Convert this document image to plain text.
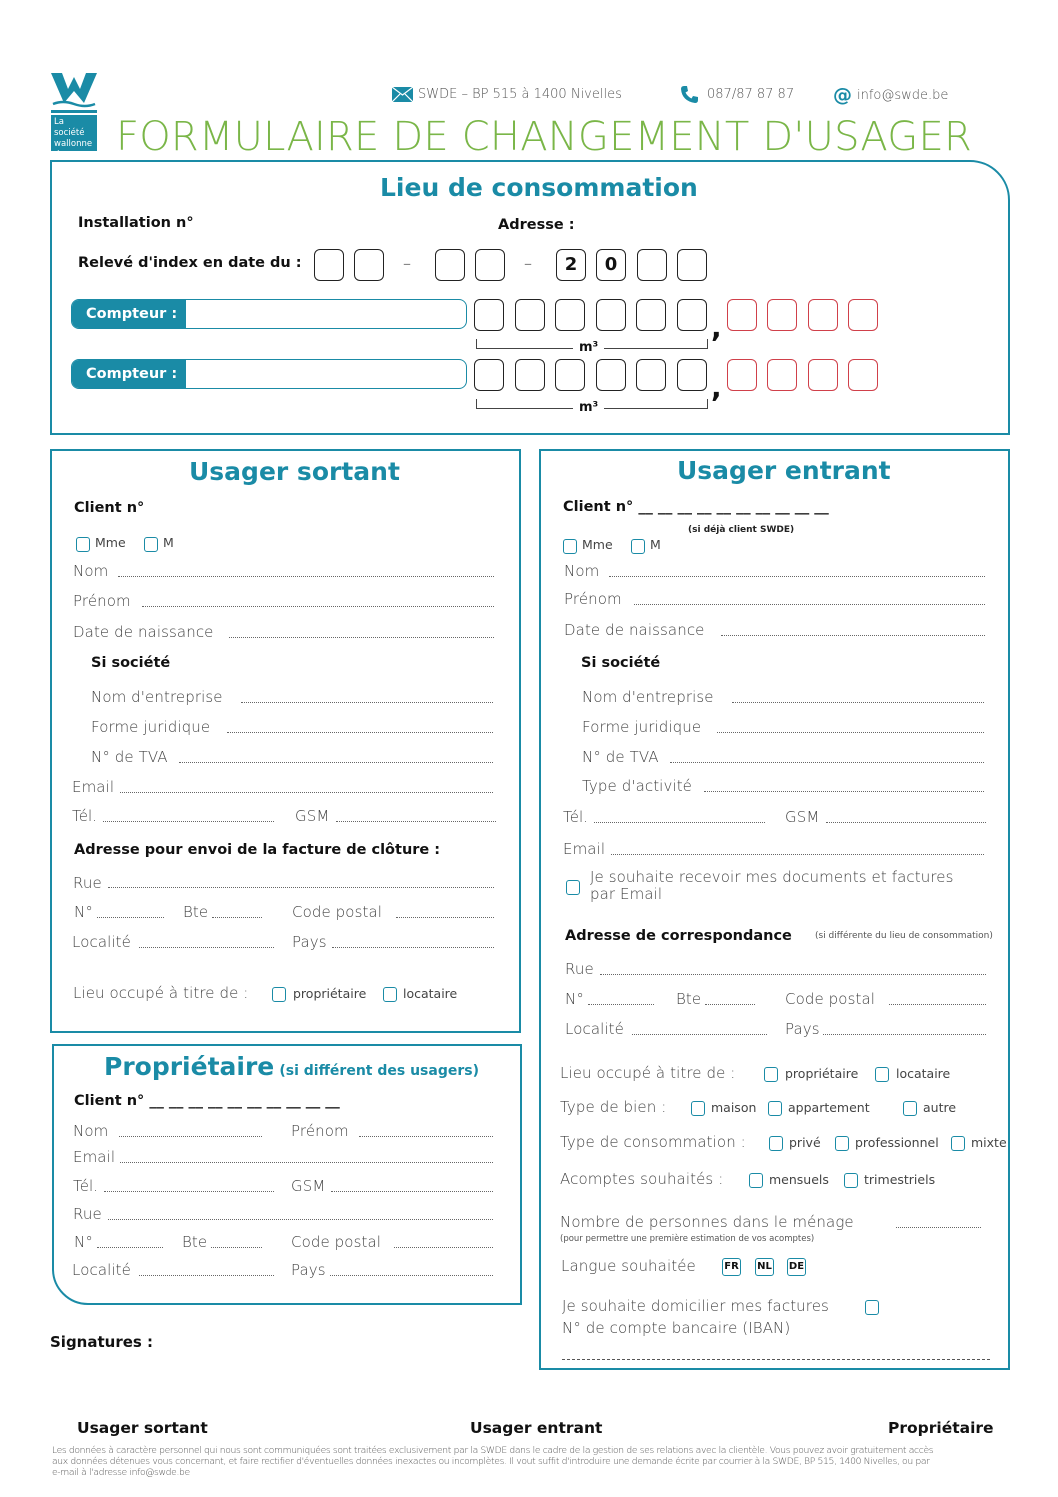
La société
wallonne
des eaux
SWDE – BP 515 à 1400 Nivelles	087/87 87 87 @ info@swde.be
FORMULAIRE DE CHANGEMENT D'USAGER
Lieu de consommation
Installation n°	Adresse :
Relevé d'index en date du :	–	–	2	0
Compteur :
m³
,
Compteur :
m³
,
Usager sortant
Client n°
Mme	M
Nom
Prénom
Date de naissance
Si société
Nom d'entreprise
Forme juridique
N° de TVA
Email
Tél.	GSM
Adresse pour envoi de la facture de clôture :
Rue
N°	Bte	Code postal
Localité	Pays
Lieu occupé à titre de :	propriétaire	locataire
Propriétaire (si différent des usagers)
Client n° __ __ __ __ __ __ __ __ __ __
Nom	Prénom
Email
Tél.	GSM
Rue
N°	Bte	Code postal
Localité	Pays
Usager entrant
Client n° __ __ __ __ __ __ __ __ __ __
(si déjà client SWDE)
Mme	M
Nom
Prénom
Date de naissance
Si société
Nom d'entreprise
Forme juridique
N° de TVA
Type d'activité
Tél.	GSM
Email
Je souhaite recevoir mes documents et factures
par Email
Adresse de correspondance	(si différente du lieu de consommation)
Rue
N°	Bte	Code postal
Localité	Pays
Lieu occupé à titre de :	propriétaire	locataire
Type de bien :	maison	appartement	autre
Type de consommation :	privé	professionnel	mixte
Acomptes souhaités :	mensuels	trimestriels
Nombre de personnes dans le ménage
(pour permettre une première estimation de vos acomptes)
Langue souhaitée	FR NL DE
Je souhaite domicilier mes factures
N° de compte bancaire (IBAN)
Signatures :
Usager sortant	Usager entrant	Propriétaire
Les données à caractère personnel qui nous sont communiquées sont traitées exclusivement par la SWDE dans le cadre de la gestion de ses relations avec la clientèle. Vous pouvez avoir gratuitement accès
aux données détenues vous concernant, et faire rectifier d'éventuelles données inexactes ou incomplètes. Il vout suffit d'introduire une demande écrite par courrier à la SWDE, BP 515, 1400 Nivelles, ou par
e-mail à l'adresse info@swde.be
